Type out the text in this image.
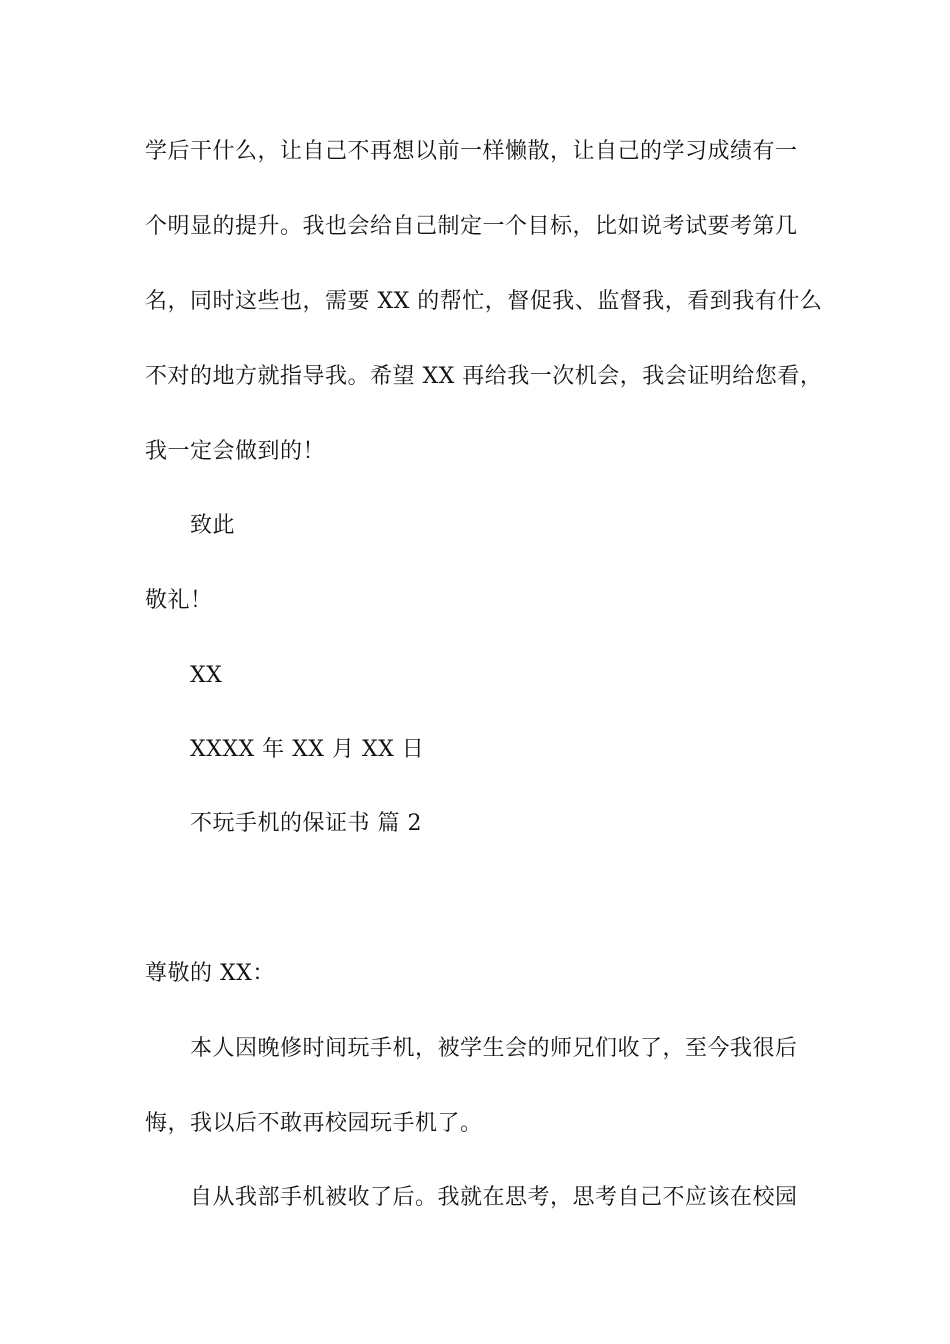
学后干什么，让自己不再想以前一样懒散，让自己的学习成绩有一
个明显的提升。我也会给自己制定一个目标，比如说考试要考第几
名，同时这些也，需要 XX 的帮忙，督促我、监督我，看到我有什么
不对的地方就指导我。希望 XX 再给我一次机会，我会证明给您看，
我一定会做到的！
致此
敬礼！
XX
XXXX 年 XX 月 XX 日
不玩手机的保证书 篇 2
尊敬的 XX：
本人因晚修时间玩手机，被学生会的师兄们收了，至今我很后
悔，我以后不敢再校园玩手机了。
自从我部手机被收了后。我就在思考，思考自己不应该在校园
